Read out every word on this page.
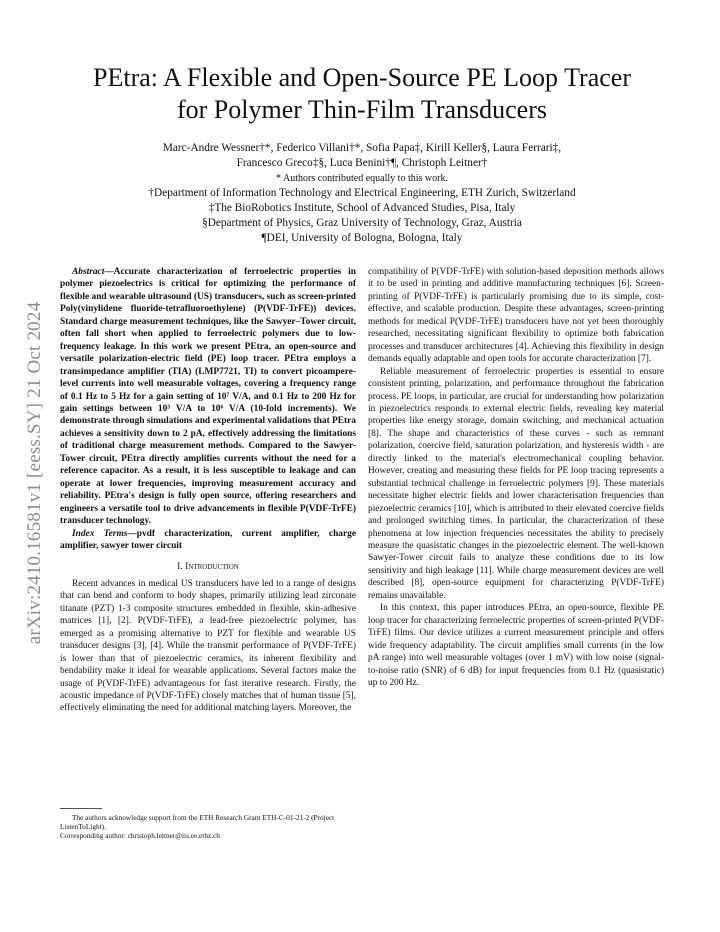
arXiv:2410.16581v1 [eess.SY] 21 Oct 2024
PEtra: A Flexible and Open-Source PE Loop Tracer
for Polymer Thin-Film Transducers
Marc-Andre Wessner†*, Federico Villani†*, Sofia Papa‡, Kirill Keller§, Laura Ferrari‡,
Francesco Greco‡§, Luca Benini†¶, Christoph Leitner†
* Authors contributed equally to this work.
†Department of Information Technology and Electrical Engineering, ETH Zurich, Switzerland
‡The BioRobotics Institute, School of Advanced Studies, Pisa, Italy
§Department of Physics, Graz University of Technology, Graz, Austria
¶DEI, University of Bologna, Bologna, Italy

Abstract—Accurate characterization of ferroelectric properties in polymer piezoelectrics is critical for optimizing the performance of flexible and wearable ultrasound (US) transducers, such as screen-printed Poly(vinylidene fluoride-tetrafluoroethylene) (P(VDF-TrFE)) devices. Standard charge measurement techniques, like the Sawyer–Tower circuit, often fall short when applied to ferroelectric polymers due to low-frequency leakage. In this work we present PEtra, an open-source and versatile polarization-electric field (PE) loop tracer. PEtra employs a transimpedance amplifier (TIA) (LMP7721, TI) to convert picoampere-level currents into well measurable voltages, covering a frequency range of 0.1 Hz to 5 Hz for a gain setting of 10⁷ V/A, and 0.1 Hz to 200 Hz for gain settings between 10³ V/A to 10⁶ V/A (10-fold increments). We demonstrate through simulations and experimental validations that PEtra achieves a sensitivity down to 2 pA, effectively addressing the limitations of traditional charge measurement methods. Compared to the Sawyer-Tower circuit, PEtra directly amplifies currents without the need for a reference capacitor. As a result, it is less susceptible to leakage and can operate at lower frequencies, improving measurement accuracy and reliability. PEtra's design is fully open source, offering researchers and engineers a versatile tool to drive advancements in flexible P(VDF-TrFE) transducer technology.

Index Terms—pvdf characterization, current amplifier, charge amplifier, sawyer tower circuit

I. Introduction

Recent advances in medical US transducers have led to a range of designs that can bend and conform to body shapes, primarily utilizing lead zirconate titanate (PZT) 1-3 composite structures embedded in flexible, skin-adhesive matrices [1], [2]. P(VDF-TrFE), a lead-free piezoelectric polymer, has emerged as a promising alternative to PZT for flexible and wearable US transducer designs [3], [4]. While the transmit performance of P(VDF-TrFE) is lower than that of piezoelectric ceramics, its inherent flexibility and bendability make it ideal for wearable applications. Several factors make the usage of P(VDF-TrFE) advantageous for fast iterative research. Firstly, the acoustic impedance of P(VDF-TrFE) closely matches that of human tissue [5], effectively eliminating the need for additional matching layers. Moreover, the

The authors acknowledge support from the ETH Research Grant ETH-C-01-21-2 (Project ListenToLight).
Corresponding author: christoph.leitner@iis.ee.ethz.ch

compatibility of P(VDF-TrFE) with solution-based deposition methods allows it to be used in printing and additive manufacturing techniques [6]. Screen-printing of P(VDF-TrFE) is particularly promising due to its simple, cost-effective, and scalable production. Despite these advantages, screen-printing methods for medical P(VDF-TrFE) transducers have not yet been thoroughly researched, necessitating significant flexibility to optimize both fabrication processes and transducer architectures [4]. Achieving this flexibility in design demands equally adaptable and open tools for accurate characterization [7].

Reliable measurement of ferroelectric properties is essential to ensure consistent printing, polarization, and performance throughout the fabrication process. PE loops, in particular, are crucial for understanding how polarization in piezoelectrics responds to external electric fields, revealing key material properties like energy storage, domain switching, and mechanical actuation [8]. The shape and characteristics of these curves - such as remnant polarization, coercive field, saturation polarization, and hysteresis width - are directly linked to the material's electromechanical coupling behavior. However, creating and measuring these fields for PE loop tracing represents a substantial technical challenge in ferroelectric polymers [9]. These materials necessitate higher electric fields and lower characterisation frequencies than piezoelectric ceramics [10], which is attributed to their elevated coercive fields and prolonged switching times. In particular, the characterization of these phenomena at low injection frequencies necessitates the ability to precisely measure the quasistatic changes in the piezoelectric element. The well-known Sawyer-Tower circuit fails to analyze these conditions due to its low sensitivity and high leakage [11]. While charge measurement devices are well described [8], open-source equipment for characterizing P(VDF-TrFE) remains unavailable.

In this context, this paper introduces PEtra, an open-source, flexible PE loop tracer for characterizing ferroelectric properties of screen-printed P(VDF-TrFE) films. Our device utilizes a current measurement principle and offers wide frequency adaptability. The circuit amplifies small currents (in the low pA range) into well measurable voltages (over 1 mV) with low noise (signal-to-noise ratio (SNR) of 6 dB) for input frequencies from 0.1 Hz (quasistatic) up to 200 Hz.
